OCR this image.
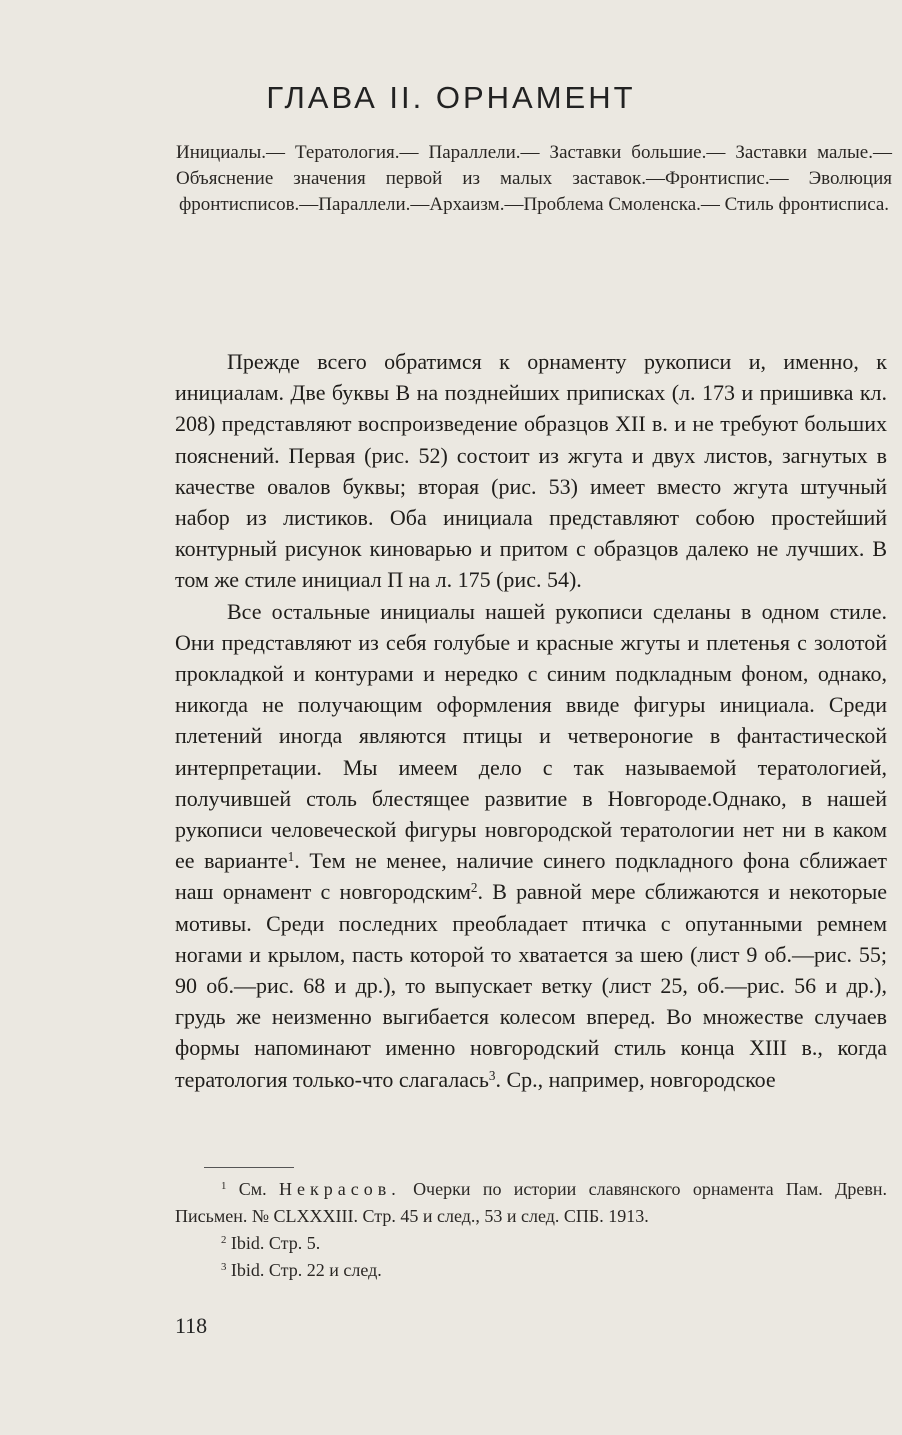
ГЛАВА II. ОРНАМЕНТ
Инициалы.— Тератология.— Параллели.— Заставки большие.— Заставки малые.—Объяснение значения первой из малых заставок.—Фронтиспис.— Эволюция фронтисписов.—Параллели.—Архаизм.—Проблема Смоленска.— Стиль фронтисписа.

Прежде всего обратимся к орнаменту рукописи и, именно, к инициалам. Две буквы В на позднейших приписках (л. 173 и пришивка кл. 208) представляют воспроизведение образцов XII в. и не требуют больших пояснений. Первая (рис. 52) состоит из жгута и двух листов, загнутых в качестве овалов буквы; вторая (рис. 53) имеет вместо жгута штучный набор из листиков. Оба инициала представляют собою простейший контурный рисунок киноварью и притом с образцов далеко не лучших. В том же стиле инициал П на л. 175 (рис. 54).

Все остальные инициалы нашей рукописи сделаны в одном стиле. Они представляют из себя голубые и красные жгуты и плетенья с золотой прокладкой и контурами и нередко с синим подкладным фоном, однако, никогда не получающим оформления ввиде фигуры инициала. Среди плетений иногда являются птицы и четвероногие в фантастической интерпретации. Мы имеем дело с так называемой тератологией, получившей столь блестящее развитие в Новгороде.Однако, в нашей рукописи человеческой фигуры новгородской тератологии нет ни в каком ее варианте$^1$. Тем не менее, наличие синего подкладного фона сближает наш орнамент с новгородским$^2$. В равной мере сближаются и некоторые мотивы. Среди последних преобладает птичка с опутанными ремнем ногами и крылом, пасть которой то хватается за шею (лист 9 об.—рис. 55; 90 об.—рис. 68 и др.), то выпускает ветку (лист 25, об.—рис. 56 и др.), грудь же неизменно выгибается колесом вперед. Во множестве случаев формы напоминают именно новгородский стиль конца XIII в., когда тератология только-что слагалась$^3$. Ср., например, новгородское

$^1$ См. Некрасов. Очерки по истории славянского орнамента Пам. Древн. Письмен. № CLXXXIII. Стр. 45 и след., 53 и след. СПБ. 1913.

$^2$ Ibid. Стр. 5.

$^3$ Ibid. Стр. 22 и след.

118
